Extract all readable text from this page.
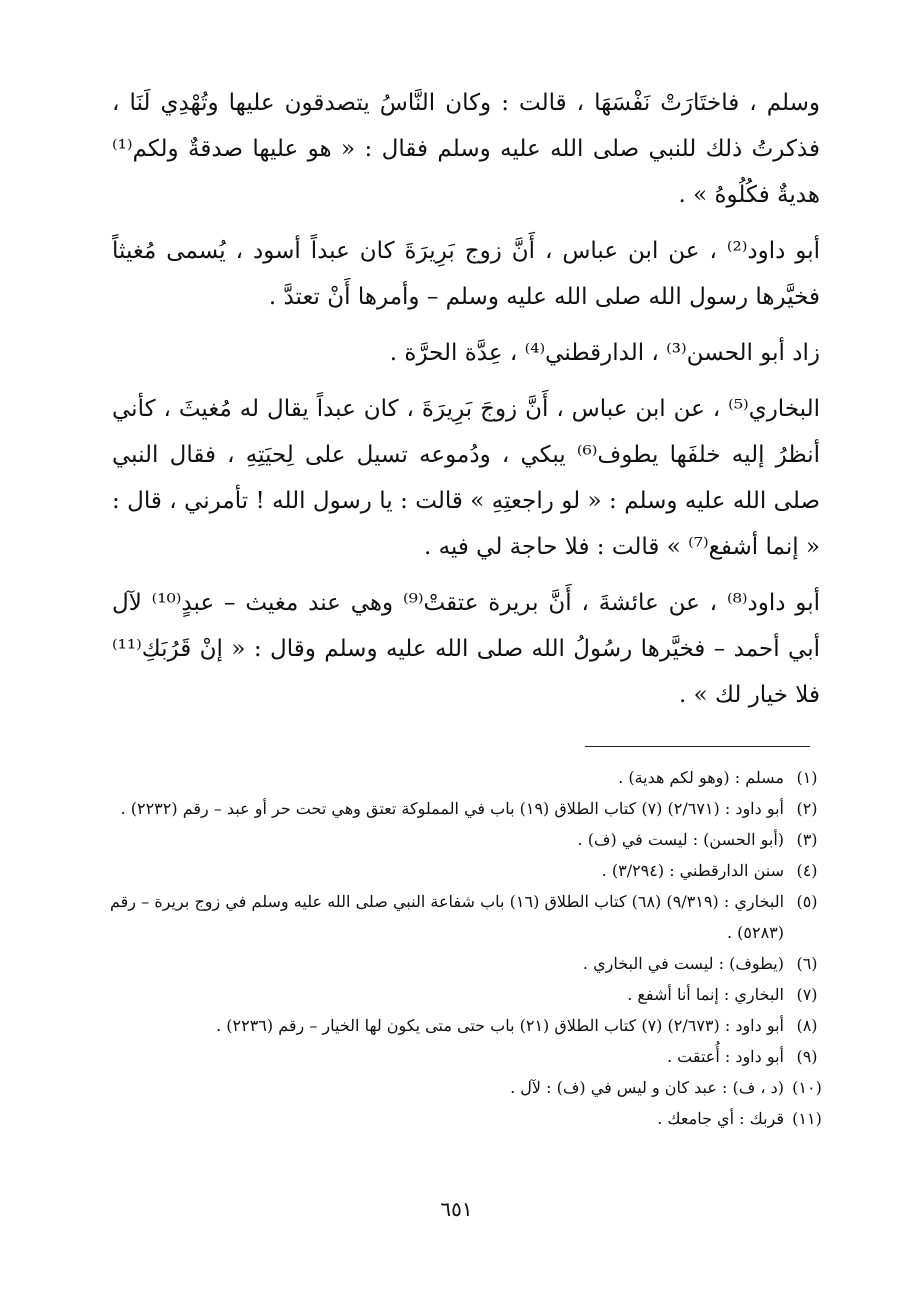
وسلم ، فاختَارَتْ نَفْسَهَا ، قالت : وكان النَّاسُ يتصدقون عليها وتُهْدِي لَنَا ، فذكرتُ ذلك للنبي صلى الله عليه وسلم فقال : « هو عليها صدقةٌ ولكم⁽¹⁾ هديةٌ فكُلُوهُ » .

أبو داود⁽²⁾ ، عن ابن عباس ، أَنَّ زوج بَرِيرَةَ كان عبداً أسود ، يُسمى مُغيثاً فخيَّرها رسول الله صلى الله عليه وسلم – وأمرها أَنْ تعتدَّ .

زاد أبو الحسن⁽³⁾ ، الدارقطني⁽⁴⁾ ، عِدَّة الحرَّة .

البخاري⁽⁵⁾ ، عن ابن عباس ، أَنَّ زوجَ بَرِيرَةَ ، كان عبداً يقال له مُغيثَ ، كأني أنظرُ إليه خلفَها يطوف⁽⁶⁾ يبكي ، ودُموعه تسيل على لِحيَتِهِ ، فقال النبي صلى الله عليه وسلم : « لو راجعتِهِ » قالت : يا رسول الله ! تأمرني ، قال : « إنما أشفع⁽⁷⁾ » قالت : فلا حاجة لي فيه .

أبو داود⁽⁸⁾ ، عن عائشةَ ، أَنَّ بريرة عتقتْ⁽⁹⁾ وهي عند مغيث – عبدٍ⁽¹⁰⁾ لآل أبي أحمد – فخيَّرها رسُولُ الله صلى الله عليه وسلم وقال : « إنْ قَرُبَكِ⁽¹¹⁾ فلا خيار لك » .

(١)
مسلم : (وهو لكم هدية) .
(٢)
أبو داود : (٢/٦٧١) (٧) كتاب الطلاق (١٩) باب في المملوكة تعتق وهي تحت حر أو عبد – رقم (٢٢٣٢) .
(٣)
(أبو الحسن) : ليست في (ف) .
(٤)
سنن الدارقطني : (٣/٢٩٤) .
(٥)
البخاري : (٩/٣١٩) (٦٨) كتاب الطلاق (١٦) باب شفاعة النبي صلى الله عليه وسلم في زوج بريرة – رقم (٥٢٨٣) .
(٦)
(يطوف) : ليست في البخاري .
(٧)
البخاري : إنما أنا أشفع .
(٨)
أبو داود : (٢/٦٧٣) (٧) كتاب الطلاق (٢١) باب حتى متى يكون لها الخيار – رقم (٢٢٣٦) .
(٩)
أبو داود : أُعتقت .
(١٠)
(د ، ف) : عبد كان و ليس في (ف) : لآل .
(١١)
قربك : أي جامعك .
٦٥١
